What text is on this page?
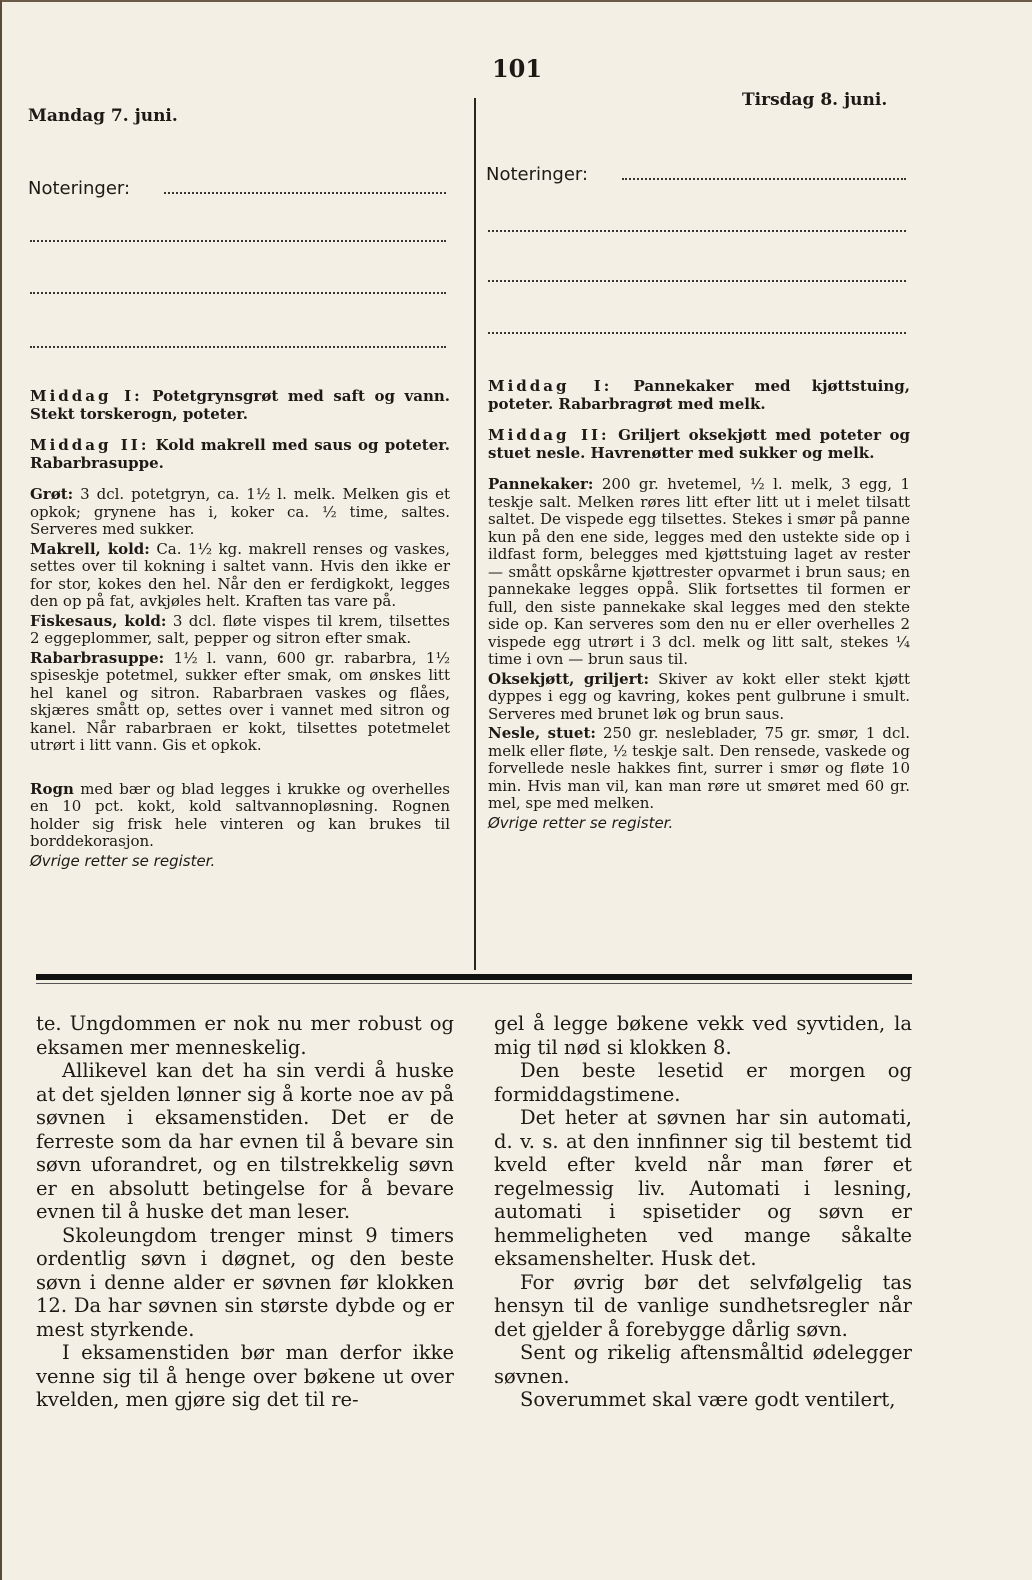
101
Mandag 7. juni.
Noteringer:

Middag I: Potetgrynsgrøt med saft og vann. Stekt torskerogn, poteter.

Middag II: Kold makrell med saus og poteter. Rabarbrasuppe.

Grøt: 3 dcl. potetgryn, ca. 1½ l. melk. Melken gis et opkok; grynene has i, koker ca. ½ time, saltes. Serveres med sukker.

Makrell, kold: Ca. 1½ kg. makrell renses og vaskes, settes over til kokning i saltet vann. Hvis den ikke er for stor, kokes den hel. Når den er ferdigkokt, legges den op på fat, avkjøles helt. Kraften tas vare på.

Fiskesaus, kold: 3 dcl. fløte vispes til krem, tilsettes 2 eggeplommer, salt, pepper og sitron efter smak.

Rabarbrasuppe: 1½ l. vann, 600 gr. rabarbra, 1½ spiseskje potetmel, sukker efter smak, om ønskes litt hel kanel og sitron. Rabarbraen vaskes og flåes, skjæres smått op, settes over i vannet med sitron og kanel. Når rabarbraen er kokt, tilsettes potetmelet utrørt i litt vann. Gis et opkok.

Rogn med bær og blad legges i krukke og overhelles en 10 pct. kokt, kold saltvannopløsning. Rognen holder sig frisk hele vinteren og kan brukes til borddekorasjon.

Øvrige retter se register.

Tirsdag 8. juni.
Noteringer:

Middag I: Pannekaker med kjøttstuing, poteter. Rabarbragrøt med melk.

Middag II: Griljert oksekjøtt med poteter og stuet nesle. Havrenøtter med sukker og melk.

Pannekaker: 200 gr. hvetemel, ½ l. melk, 3 egg, 1 teskje salt. Melken røres litt efter litt ut i melet tilsatt saltet. De vispede egg tilsettes. Stekes i smør på panne kun på den ene side, legges med den ustekte side op i ildfast form, belegges med kjøttstuing laget av rester — smått opskårne kjøttrester opvarmet i brun saus; en pannekake legges oppå. Slik fortsettes til formen er full, den siste pannekake skal legges med den stekte side op. Kan serveres som den nu er eller overhelles 2 vispede egg utrørt i 3 dcl. melk og litt salt, stekes ¼ time i ovn — brun saus til.

Oksekjøtt, griljert: Skiver av kokt eller stekt kjøtt dyppes i egg og kavring, kokes pent gulbrune i smult. Serveres med brunet løk og brun saus.

Nesle, stuet: 250 gr. nesleblader, 75 gr. smør, 1 dcl. melk eller fløte, ½ teskje salt. Den rensede, vaskede og forvellede nesle hakkes fint, surrer i smør og fløte 10 min. Hvis man vil, kan man røre ut smøret med 60 gr. mel, spe med melken.

Øvrige retter se register.

te. Ungdommen er nok nu mer robust og eksamen mer menneskelig.

Allikevel kan det ha sin verdi å huske at det sjelden lønner sig å korte noe av på søvnen i eksamenstiden. Det er de ferreste som da har evnen til å bevare sin søvn uforandret, og en tilstrekkelig søvn er en absolutt betingelse for å bevare evnen til å huske det man leser.

Skoleungdom trenger minst 9 timers ordentlig søvn i døgnet, og den beste søvn i denne alder er søvnen før klokken 12. Da har søvnen sin største dybde og er mest styrkende.

I eksamenstiden bør man derfor ikke venne sig til å henge over bøkene ut over kvelden, men gjøre sig det til re-

gel å legge bøkene vekk ved syvtiden, la mig til nød si klokken 8.

Den beste lesetid er morgen og formiddagstimene.

Det heter at søvnen har sin automati, d. v. s. at den innfinner sig til bestemt tid kveld efter kveld når man fører et regelmessig liv. Automati i lesning, automati i spisetider og søvn er hemmeligheten ved mange såkalte eksamenshelter. Husk det.

For øvrig bør det selvfølgelig tas hensyn til de vanlige sundhetsregler når det gjelder å forebygge dårlig søvn.

Sent og rikelig aftensmåltid ødelegger søvnen.

Soverummet skal være godt ventilert,
